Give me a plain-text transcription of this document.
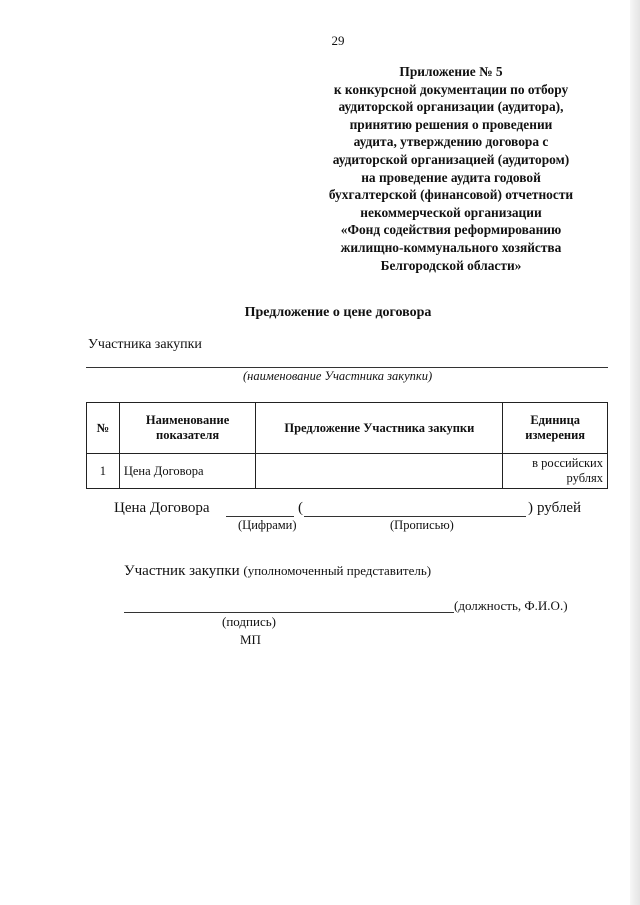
29
Приложение № 5
к конкурсной документации по отбору
аудиторской организации (аудитора),
принятию решения о проведении
аудита, утверждению договора с
аудиторской организацией (аудитором)
на проведение аудита годовой
бухгалтерской (финансовой) отчетности
некоммерческой организации
«Фонд содействия реформированию
жилищно-коммунального хозяйства
Белгородской области»
Предложение о цене договора
Участника закупки
(наименование Участника закупки)
№	Наименование показателя	Предложение Участника закупки	Единица измерения
1	Цена Договора		в российских рублях
Цена Договора	(	) рублей
(Цифрами)	(Прописью)
Участник закупки (уполномоченный представитель)
(должность, Ф.И.О.)
(подпись)
МП
